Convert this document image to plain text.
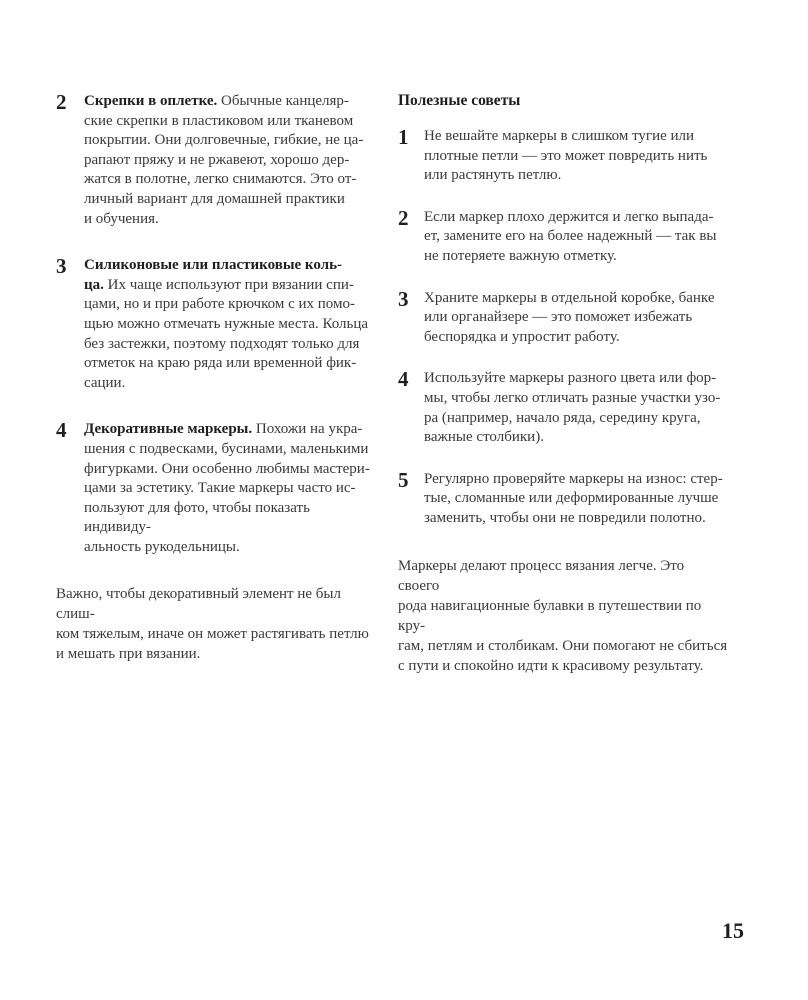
2	Скрепки в оплетке. Обычные канцеляр-
ские скрепки в пластиковом или тканевом
покрытии. Они долговечные, гибкие, не ца-
рапают пряжу и не ржавеют, хорошо дер-
жатся в полотне, легко снимаются. Это от-
личный вариант для домашней практики
и обучения.
3	Силиконовые или пластиковые коль-
ца. Их чаще используют при вязании спи-
цами, но и при работе крючком с их помо-
щью можно отмечать нужные места. Кольца
без застежки, поэтому подходят только для
отметок на краю ряда или временной фик-
сации.
4	Декоративные маркеры. Похожи на укра-
шения с подвесками, бусинами, маленькими
фигурками. Они особенно любимы мастери-
цами за эстетику. Такие маркеры часто ис-
пользуют для фото, чтобы показать индивиду-
альность рукодельницы.
Важно, чтобы декоративный элемент не был слиш-
ком тяжелым, иначе он может растягивать петлю
и мешать при вязании.
Полезные советы
1	Не вешайте маркеры в слишком тугие или
плотные петли — это может повредить нить
или растянуть петлю.
2	Если маркер плохо держится и легко выпада-
ет, замените его на более надежный — так вы
не потеряете важную отметку.
3	Храните маркеры в отдельной коробке, банке
или органайзере — это поможет избежать
беспорядка и упростит работу.
4	Используйте маркеры разного цвета или фор-
мы, чтобы легко отличать разные участки узо-
ра (например, начало ряда, середину круга,
важные столбики).
5	Регулярно проверяйте маркеры на износ: стер-
тые, сломанные или деформированные лучше
заменить, чтобы они не повредили полотно.
Маркеры делают процесс вязания легче. Это своего
рода навигационные булавки в путешествии по кру-
гам, петлям и столбикам. Они помогают не сбиться
с пути и спокойно идти к красивому результату.
15
